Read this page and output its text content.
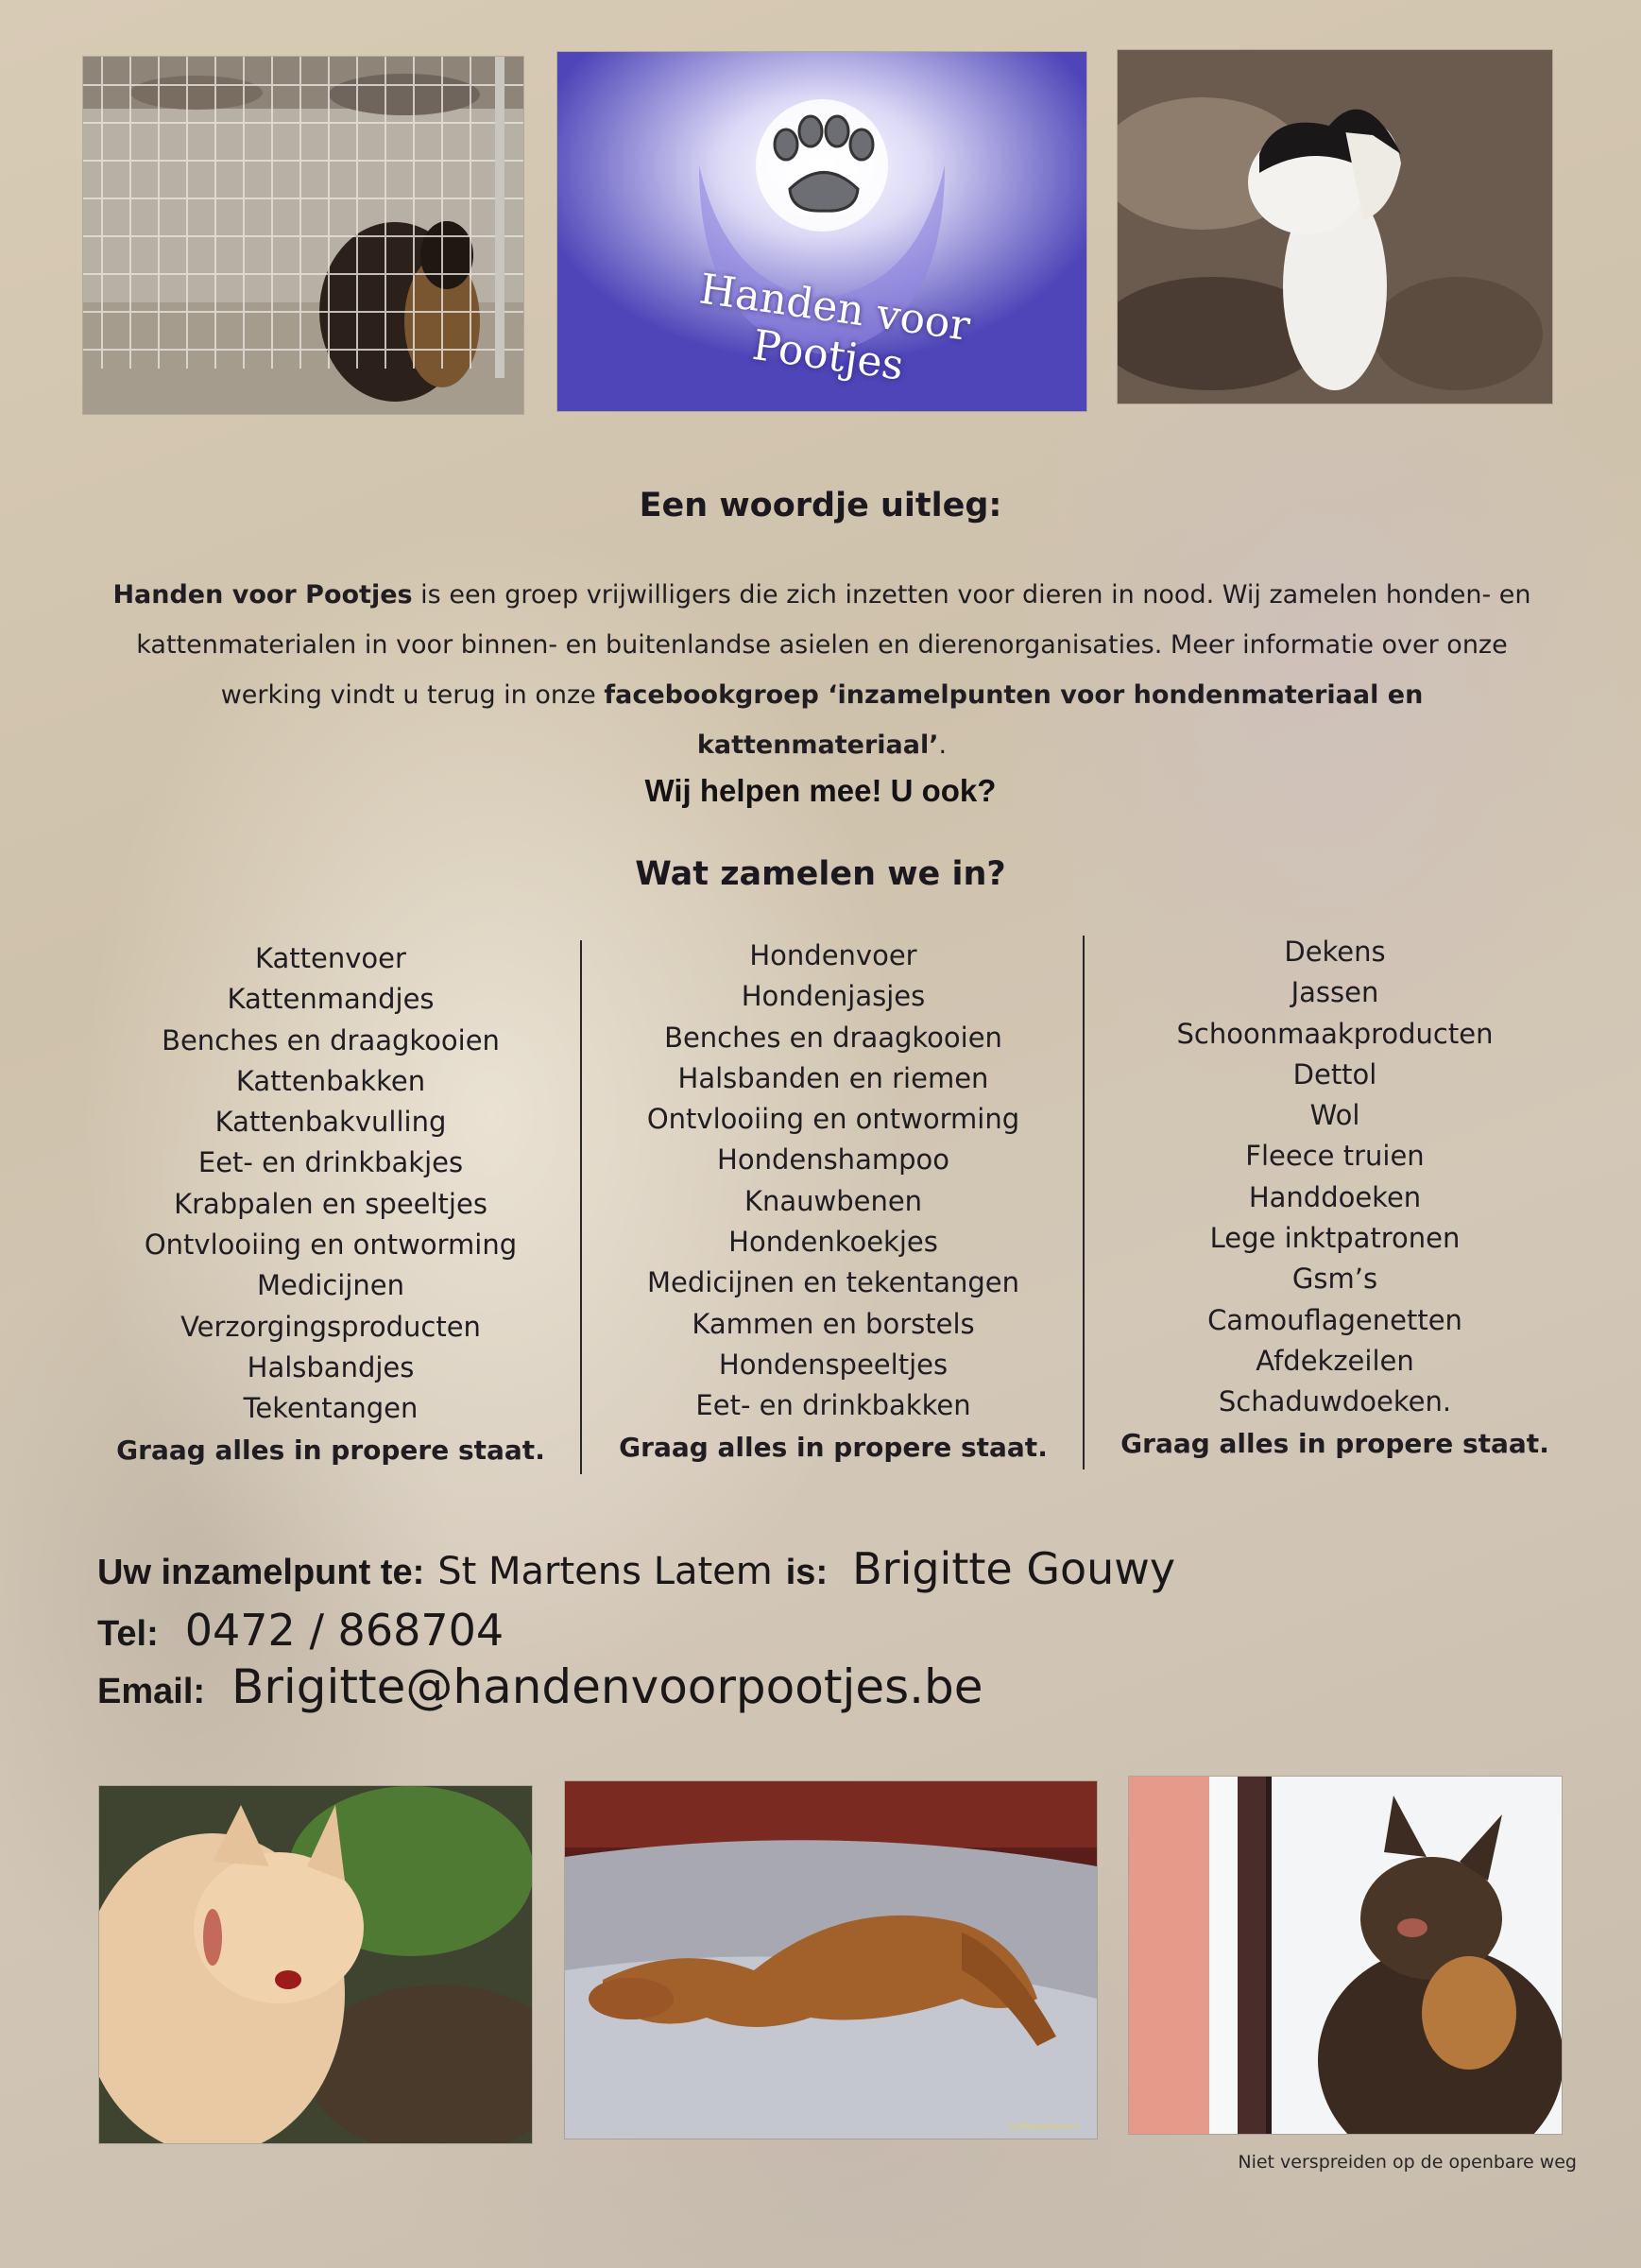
Handen voor Pootjes
Een woordje uitleg:
Handen voor Pootjes is een groep vrijwilligers die zich inzetten voor dieren in nood. Wij zamelen honden- en kattenmaterialen in voor binnen- en buitenlandse asielen en dierenorganisaties. Meer informatie over onze werking vindt u terug in onze facebookgroep ‘inzamelpunten voor hondenmateriaal en kattenmateriaal’.
Wij helpen mee! U ook?
Wat zamelen we in?
Kattenvoer
Kattenmandjes
Benches en draagkooien
Kattenbakken
Kattenbakvulling
Eet- en drinkbakjes
Krabpalen en speeltjes
Ontvlooiing en ontworming
Medicijnen
Verzorgingsproducten
Halsbandjes
Tekentangen
Graag alles in propere staat.
Hondenvoer
Hondenjasjes
Benches en draagkooien
Halsbanden en riemen
Ontvlooiing en ontworming
Hondenshampoo
Knauwbenen
Hondenkoekjes
Medicijnen en tekentangen
Kammen en borstels
Hondenspeeltjes
Eet- en drinkbakken
Graag alles in propere staat.
Dekens
Jassen
Schoonmaakproducten
Dettol
Wol
Fleece truien
Handdoeken
Lege inktpatronen
Gsm’s
Camouflagenetten
Afdekzeilen
Schaduwdoeken.
Graag alles in propere staat.
Uw inzamelpunt te: St Martens Latem is: Brigitte Gouwy
Tel: 0472 / 868704
Email: Brigitte@handenvoorpootjes.be
LUPNederland.nl
Niet verspreiden op de openbare weg
